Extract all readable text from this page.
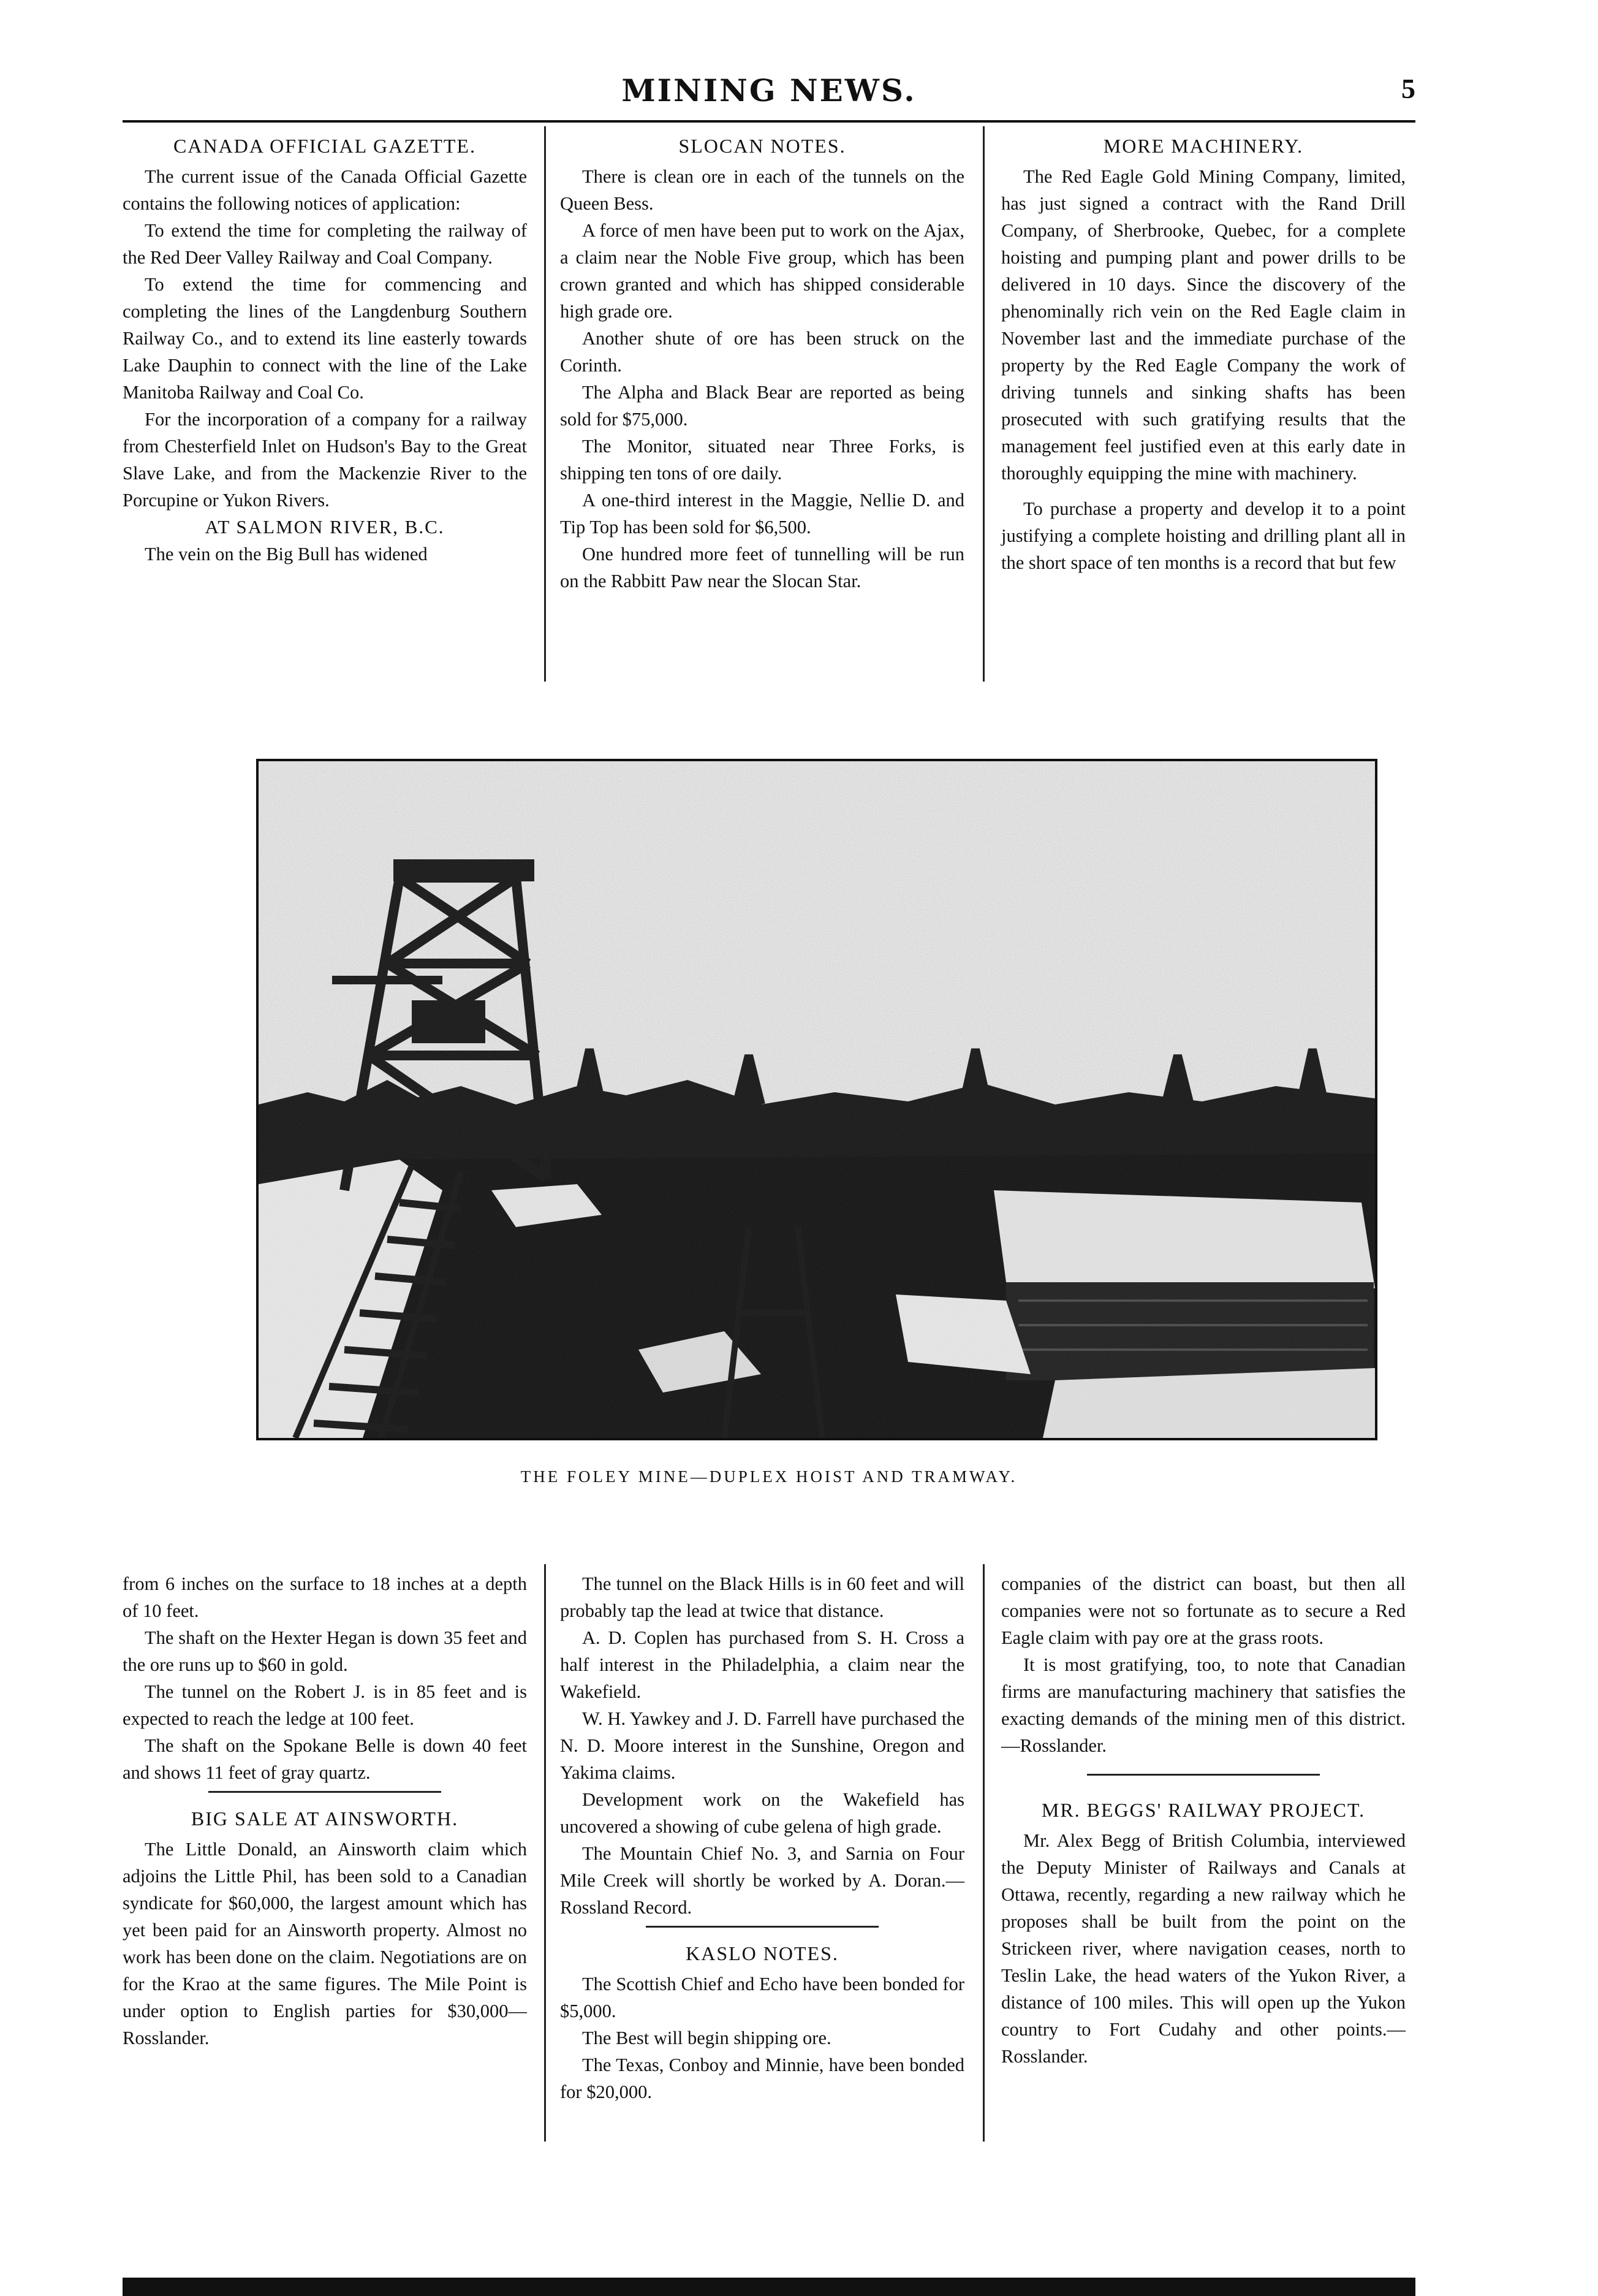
MINING NEWS.	5
CANADA OFFICIAL GAZETTE.

The current issue of the Canada Official Gazette contains the following notices of application:

To extend the time for completing the railway of the Red Deer Valley Railway and Coal Company.

To extend the time for commencing and completing the lines of the Langdenburg Southern Railway Co., and to extend its line easterly towards Lake Dauphin to connect with the line of the Lake Manitoba Railway and Coal Co.

For the incorporation of a company for a railway from Chesterfield Inlet on Hudson's Bay to the Great Slave Lake, and from the Mackenzie River to the Porcupine or Yukon Rivers.

AT SALMON RIVER, B.C.

The vein on the Big Bull has widened

SLOCAN NOTES.

There is clean ore in each of the tunnels on the Queen Bess.

A force of men have been put to work on the Ajax, a claim near the Noble Five group, which has been crown granted and which has shipped considerable high grade ore.

Another shute of ore has been struck on the Corinth.

The Alpha and Black Bear are reported as being sold for $75,000.

The Monitor, situated near Three Forks, is shipping ten tons of ore daily.

A one-third interest in the Maggie, Nellie D. and Tip Top has been sold for $6,500.

One hundred more feet of tunnelling will be run on the Rabbitt Paw near the Slocan Star.

MORE MACHINERY.

The Red Eagle Gold Mining Company, limited, has just signed a contract with the Rand Drill Company, of Sherbrooke, Quebec, for a complete hoisting and pumping plant and power drills to be delivered in 10 days. Since the discovery of the phenominally rich vein on the Red Eagle claim in November last and the immediate purchase of the property by the Red Eagle Company the work of driving tunnels and sinking shafts has been prosecuted with such gratifying results that the management feel justified even at this early date in thoroughly equipping the mine with machinery.

To purchase a property and develop it to a point justifying a complete hoisting and drilling plant all in the short space of ten months is a record that but few

THE FOLEY MINE—DUPLEX HOIST AND TRAMWAY.

from 6 inches on the surface to 18 inches at a depth of 10 feet.

The shaft on the Hexter Hegan is down 35 feet and the ore runs up to $60 in gold.

The tunnel on the Robert J. is in 85 feet and is expected to reach the ledge at 100 feet.

The shaft on the Spokane Belle is down 40 feet and shows 11 feet of gray quartz.

BIG SALE AT AINSWORTH.

The Little Donald, an Ainsworth claim which adjoins the Little Phil, has been sold to a Canadian syndicate for $60,000, the largest amount which has yet been paid for an Ainsworth property. Almost no work has been done on the claim. Negotiations are on for the Krao at the same figures. The Mile Point is under option to English parties for $30,000—Rosslander.

The tunnel on the Black Hills is in 60 feet and will probably tap the lead at twice that distance.

A. D. Coplen has purchased from S. H. Cross a half interest in the Philadelphia, a claim near the Wakefield.

W. H. Yawkey and J. D. Farrell have purchased the N. D. Moore interest in the Sunshine, Oregon and Yakima claims.

Development work on the Wakefield has uncovered a showing of cube gelena of high grade.

The Mountain Chief No. 3, and Sarnia on Four Mile Creek will shortly be worked by A. Doran.—Rossland Record.

KASLO NOTES.

The Scottish Chief and Echo have been bonded for $5,000.

The Best will begin shipping ore.

The Texas, Conboy and Minnie, have been bonded for $20,000.

companies of the district can boast, but then all companies were not so fortunate as to secure a Red Eagle claim with pay ore at the grass roots.

It is most gratifying, too, to note that Canadian firms are manufacturing machinery that satisfies the exacting demands of the mining men of this district.—Rosslander.

MR. BEGGS' RAILWAY PROJECT.

Mr. Alex Begg of British Columbia, interviewed the Deputy Minister of Railways and Canals at Ottawa, recently, regarding a new railway which he proposes shall be built from the point on the Strickeen river, where navigation ceases, north to Teslin Lake, the head waters of the Yukon River, a distance of 100 miles. This will open up the Yukon country to Fort Cudahy and other points.—Rosslander.
